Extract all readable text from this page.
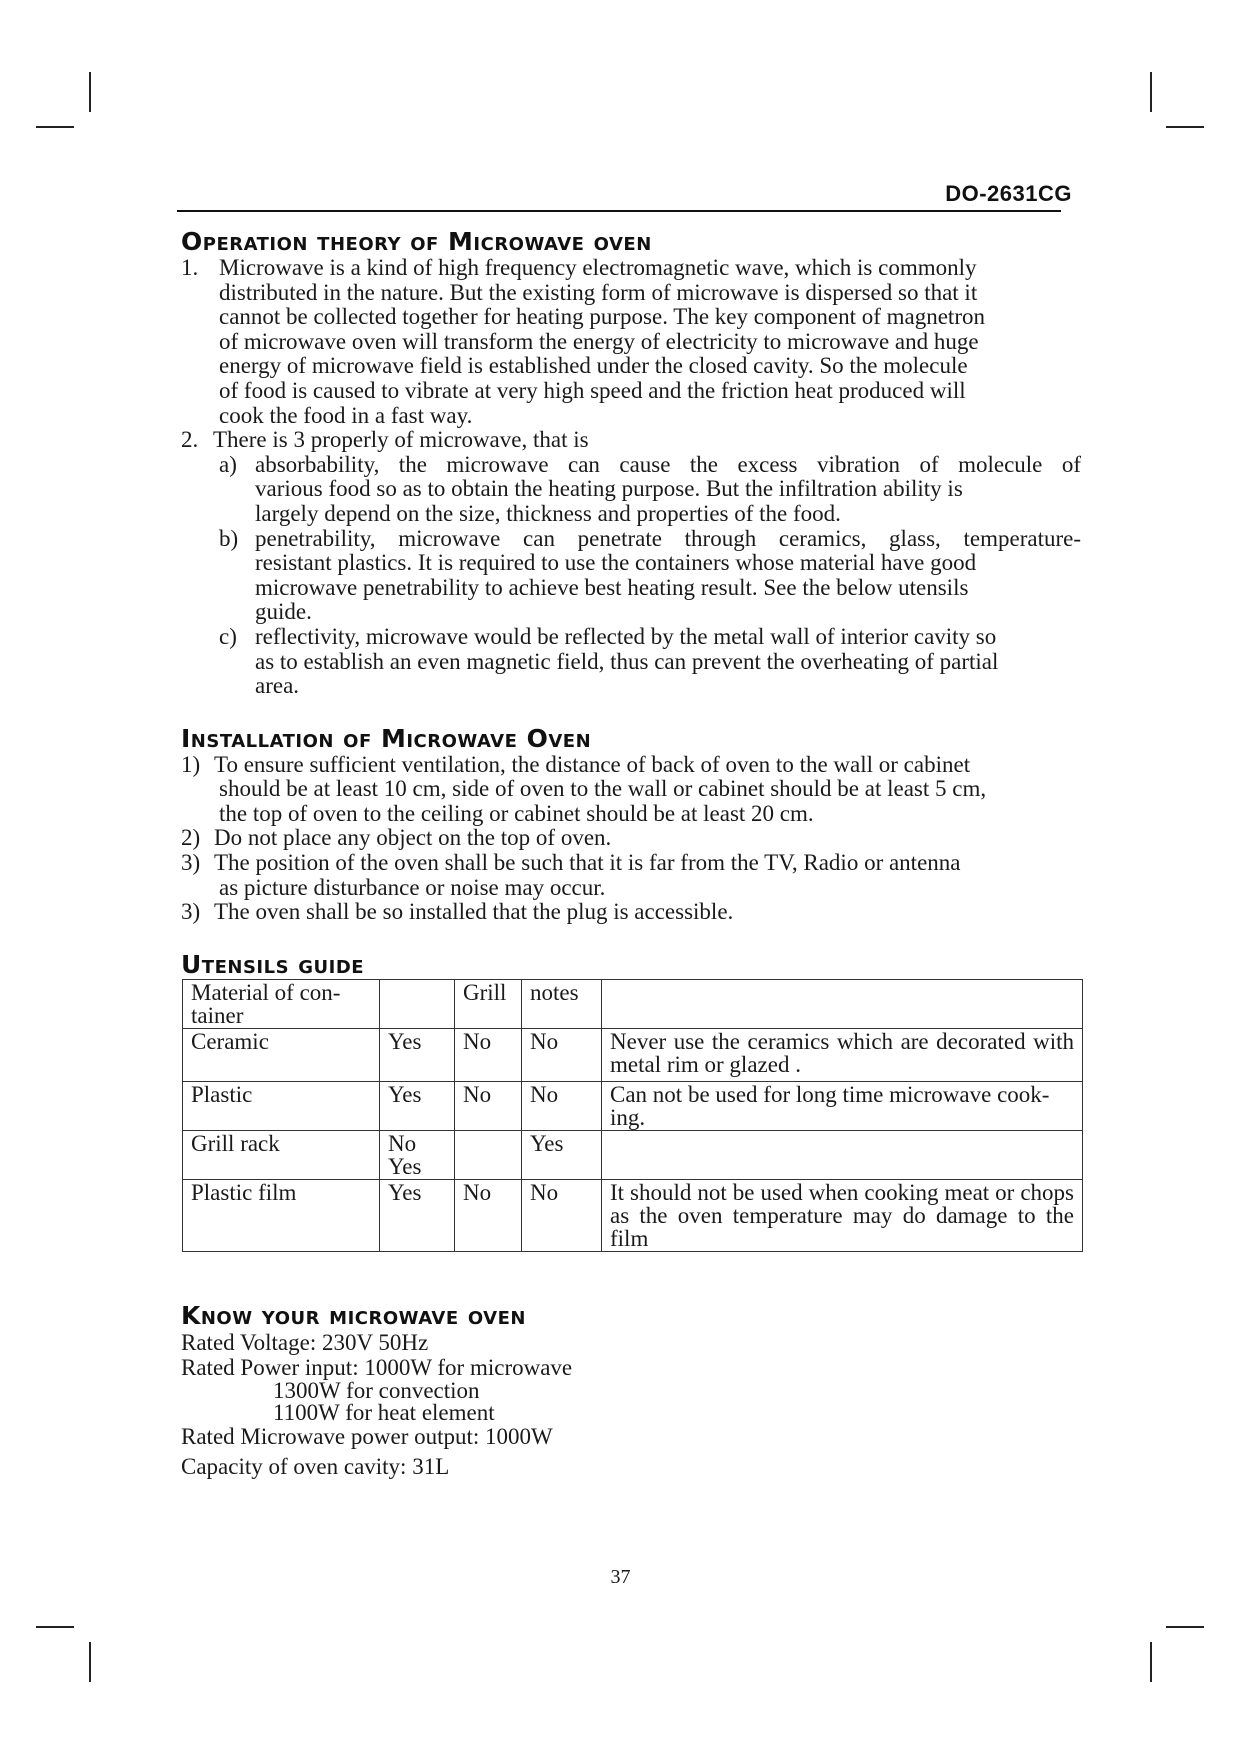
DO-2631CG
Operation theory of Microwave oven
1. Microwave is a kind of high frequency electromagnetic wave, which is commonly
distributed in the nature. But the existing form of microwave is dispersed so that it
cannot be collected together for heating purpose. The key component of magnetron
of microwave oven will transform the energy of electricity to microwave and huge
energy of microwave field is established under the closed cavity. So the molecule
of food is caused to vibrate at very high speed and the friction heat produced will
cook the food in a fast way.
2. There is 3 properly of microwave, that is
a) absorbability, the microwave can cause the excess vibration of molecule of
various food so as to obtain the heating purpose. But the infiltration ability is
largely depend on the size, thickness and properties of the food.
b) penetrability, microwave can penetrate through ceramics, glass, temperature-
resistant plastics. It is required to use the containers whose material have good
microwave penetrability to achieve best heating result. See the below utensils
guide.
c) reflectivity, microwave would be reflected by the metal wall of interior cavity so
as to establish an even magnetic field, thus can prevent the overheating of partial
area.
Installation of Microwave Oven
1) To ensure sufficient ventilation, the distance of back of oven to the wall or cabinet
should be at least 10 cm, side of oven to the wall or cabinet should be at least 5 cm,
the top of oven to the ceiling or cabinet should be at least 20 cm.
2) Do not place any object on the top of oven.
3) The position of the oven shall be such that it is far from the TV, Radio or antenna
as picture disturbance or noise may occur.
3) The oven shall be so installed that the plug is accessible.
Utensils guide
Material of con- tainer		Grill	notes	
Ceramic	Yes	No	No	Never use the ceramics which are decorated with metal rim or glazed .
Plastic	Yes	No	No	Can not be used for long time microwave cook- ing.
Grill rack	No Yes		Yes	
Plastic film	Yes	No	No	It should not be used when cooking meat or chops as the oven temperature may do damage to the film
Know your microwave oven
Rated Voltage: 230V 50Hz
Rated Power input: 1000W for microwave
1300W for convection
1100W for heat element
Rated Microwave power output: 1000W
Capacity of oven cavity: 31L
37
